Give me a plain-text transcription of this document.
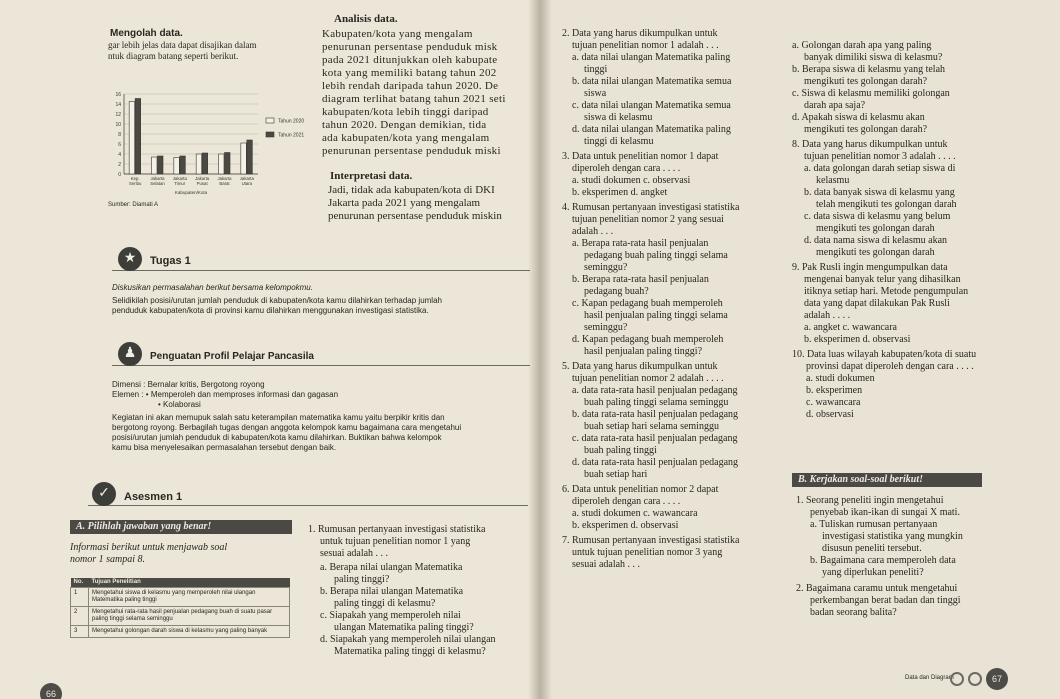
Mengolah data.
gar lebih jelas data dapat disajikan dalam
ntuk diagram batang seperti berikut.
0
2
4
6
8
10
12
14
16
Kep.
Seribu
Jakarta
Selatan
Jakarta
Timur
Jakarta
Pusat
Jakarta
Barat
Jakarta
Utara
Kabupaten/Kota
Tahun 2020
Tahun 2021
Sumber: Diamati A
Analisis data.
Kabupaten/kota yang mengalam
penurunan persentase penduduk misk
pada 2021 ditunjukkan oleh kabupate
kota yang memiliki batang tahun 202
lebih rendah daripada tahun 2020. De
diagram terlihat batang tahun 2021 seti
kabupaten/kota lebih tinggi daripad
tahun 2020. Dengan demikian, tida
ada kabupaten/kota yang mengalam
penurunan persentase penduduk miski
Interpretasi data.
Jadi, tidak ada kabupaten/kota di DKI
Jakarta pada 2021 yang mengalam
penurunan persentase penduduk miskin
★	Tugas 1
Diskusikan permasalahan berikut bersama kelompokmu.
Selidikilah posisi/urutan jumlah penduduk di kabupaten/kota kamu dilahirkan terhadap jumlah
penduduk kabupaten/kota di provinsi kamu dilahirkan menggunakan investigasi statistika.
♟	Penguatan Profil Pelajar Pancasila
Dimensi : Bernalar kritis, Bergotong royong
Elemen : • Memperoleh dan memproses informasi dan gagasan
• Kolaborasi
Kegiatan ini akan memupuk salah satu keterampilan matematika kamu yaitu berpikir kritis dan
bergotong royong. Berbagilah tugas dengan anggota kelompok kamu bagaimana cara mengetahui
posisi/urutan jumlah penduduk di kabupaten/kota kamu dilahirkan. Buktikan bahwa kelompok
kamu bisa menyelesaikan permasalahan tersebut dengan baik.
✓	Asesmen 1
A. Pilihlah jawaban yang benar!
Informasi berikut untuk menjawab soal
nomor 1 sampai 8.
No.	Tujuan Penelitian
1	Mengetahui siswa di kelasmu yang memperoleh nilai ulangan Matematika paling tinggi
2	Mengetahui rata-rata hasil penjualan pedagang buah di suatu pasar paling tinggi selama seminggu
3	Mengetahui golongan darah siswa di kelasmu yang paling banyak
1. Rumusan pertanyaan investigasi statistika
untuk tujuan penelitian nomor 1 yang
sesuai adalah . . .
a. Berapa nilai ulangan Matematika
paling tinggi?
b. Berapa nilai ulangan Matematika
paling tinggi di kelasmu?
c. Siapakah yang memperoleh nilai
ulangan Matematika paling tinggi?
d. Siapakah yang memperoleh nilai ulangan
Matematika paling tinggi di kelasmu?
66
2. Data yang harus dikumpulkan untuk
tujuan penelitian nomor 1 adalah . . .
a. data nilai ulangan Matematika paling
tinggi
b. data nilai ulangan Matematika semua
siswa
c. data nilai ulangan Matematika semua
siswa di kelasmu
d. data nilai ulangan Matematika paling
tinggi di kelasmu
3. Data untuk penelitian nomor 1 dapat
diperoleh dengan cara . . . .
a. studi dokumen c. observasi
b. eksperimen d. angket
4. Rumusan pertanyaan investigasi statistika
tujuan penelitian nomor 2 yang sesuai
adalah . . .
a. Berapa rata-rata hasil penjualan
pedagang buah paling tinggi selama
seminggu?
b. Berapa rata-rata hasil penjualan
pedagang buah?
c. Kapan pedagang buah memperoleh
hasil penjualan paling tinggi selama
seminggu?
d. Kapan pedagang buah memperoleh
hasil penjualan paling tinggi?
5. Data yang harus dikumpulkan untuk
tujuan penelitian nomor 2 adalah . . . .
a. data rata-rata hasil penjualan pedagang
buah paling tinggi selama seminggu
b. data rata-rata hasil penjualan pedagang
buah setiap hari selama seminggu
c. data rata-rata hasil penjualan pedagang
buah paling tinggi
d. data rata-rata hasil penjualan pedagang
buah setiap hari
6. Data untuk penelitian nomor 2 dapat
diperoleh dengan cara . . . .
a. studi dokumen c. wawancara
b. eksperimen d. observasi
7. Rumusan pertanyaan investigasi statistika
untuk tujuan penelitian nomor 3 yang
sesuai adalah . . .
a. Golongan darah apa yang paling
banyak dimiliki siswa di kelasmu?
b. Berapa siswa di kelasmu yang telah
mengikuti tes golongan darah?
c. Siswa di kelasmu memiliki golongan
darah apa saja?
d. Apakah siswa di kelasmu akan
mengikuti tes golongan darah?
8. Data yang harus dikumpulkan untuk
tujuan penelitian nomor 3 adalah . . . .
a. data golongan darah setiap siswa di
kelasmu
b. data banyak siswa di kelasmu yang
telah mengikuti tes golongan darah
c. data siswa di kelasmu yang belum
mengikuti tes golongan darah
d. data nama siswa di kelasmu akan
mengikuti tes golongan darah
9. Pak Rusli ingin mengumpulkan data
mengenai banyak telur yang dihasilkan
itiknya setiap hari. Metode pengumpulan
data yang dapat dilakukan Pak Rusli
adalah . . . .
a. angket c. wawancara
b. eksperimen d. observasi
10. Data luas wilayah kabupaten/kota di suatu
provinsi dapat diperoleh dengan cara . . . .
a. studi dokumen
b. eksperimen
c. wawancara
d. observasi
B. Kerjakan soal-soal berikut!
1. Seorang peneliti ingin mengetahui
penyebab ikan-ikan di sungai X mati.
a. Tuliskan rumusan pertanyaan
investigasi statistika yang mungkin
disusun peneliti tersebut.
b. Bagaimana cara memperoleh data
yang diperlukan peneliti?
2. Bagaimana caramu untuk mengetahui
perkembangan berat badan dan tinggi
badan seorang balita?
Data dan Diagram	67
